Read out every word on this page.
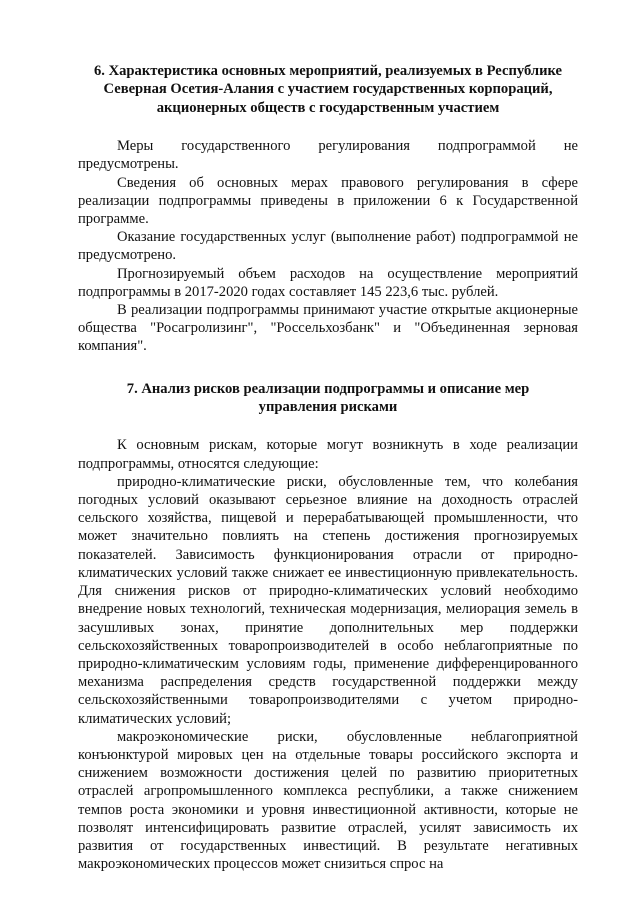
6. Характеристика основных мероприятий, реализуемых в Республике
Северная Осетия-Алания с участием государственных корпораций,
акционерных обществ с государственным участием

Меры государственного регулирования подпрограммой не предусмотрены.

Сведения об основных мерах правового регулирования в сфере реализации подпрограммы приведены в приложении 6 к Государственной программе.

Оказание государственных услуг (выполнение работ) подпрограммой не предусмотрено.

Прогнозируемый объем расходов на осуществление мероприятий подпрограммы в 2017-2020 годах составляет 145 223,6 тыс. рублей.

В реализации подпрограммы принимают участие открытые акционерные общества "Росагролизинг", "Россельхозбанк" и "Объединенная зерновая компания".

7. Анализ рисков реализации подпрограммы и описание мер
управления рисками

К основным рискам, которые могут возникнуть в ходе реализации подпрограммы, относятся следующие:

природно-климатические риски, обусловленные тем, что колебания погодных условий оказывают серьезное влияние на доходность отраслей сельского хозяйства, пищевой и перерабатывающей промышленности, что может значительно повлиять на степень достижения прогнозируемых показателей. Зависимость функционирования отрасли от природно-климатических условий также снижает ее инвестиционную привлекательность. Для снижения рисков от природно-климатических условий необходимо внедрение новых технологий, техническая модернизация, мелиорация земель в засушливых зонах, принятие дополнительных мер поддержки сельскохозяйственных товаропроизводителей в особо неблагоприятные по природно-климатическим условиям годы, применение дифференцированного механизма распределения средств государственной поддержки между сельскохозяйственными товаропроизводителями с учетом природно-климатических условий;

макроэкономические риски, обусловленные неблагоприятной конъюнктурой мировых цен на отдельные товары российского экспорта и снижением возможности достижения целей по развитию приоритетных отраслей агропромышленного комплекса республики, а также снижением темпов роста экономики и уровня инвестиционной активности, которые не позволят интенсифицировать развитие отраслей, усилят зависимость их развития от государственных инвестиций. В результате негативных макроэкономических процессов может снизиться спрос на
